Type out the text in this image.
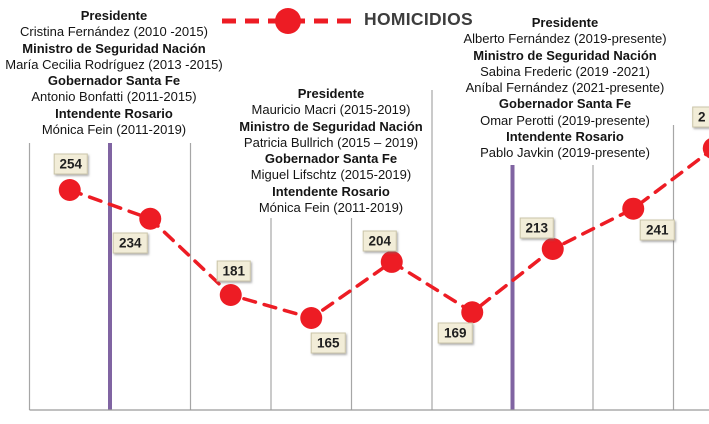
HOMICIDIOS
Presidente
Cristina Fernández (2010 -2015)
Ministro de Seguridad Nación
María Cecilia Rodríguez (2013 -2015)
Gobernador Santa Fe
Antonio Bonfatti (2011-2015)
Intendente Rosario
Mónica Fein (2011-2019)
Presidente
Mauricio Macri (2015-2019)
Ministro de Seguridad Nación
Patricia Bullrich (2015 – 2019)
Gobernador Santa Fe
Miguel Lifschtz (2015-2019)
Intendente Rosario
Mónica Fein (2011-2019)
Presidente
Alberto Fernández (2019-presente)
Ministro de Seguridad Nación
Sabina Frederic (2019 -2021)
Aníbal Fernández (2021-presente)
Gobernador Santa Fe
Omar Perotti (2019-presente)
Intendente Rosario
Pablo Javkin (2019-presente)
254
234
181
165
204
169
213	241
2
